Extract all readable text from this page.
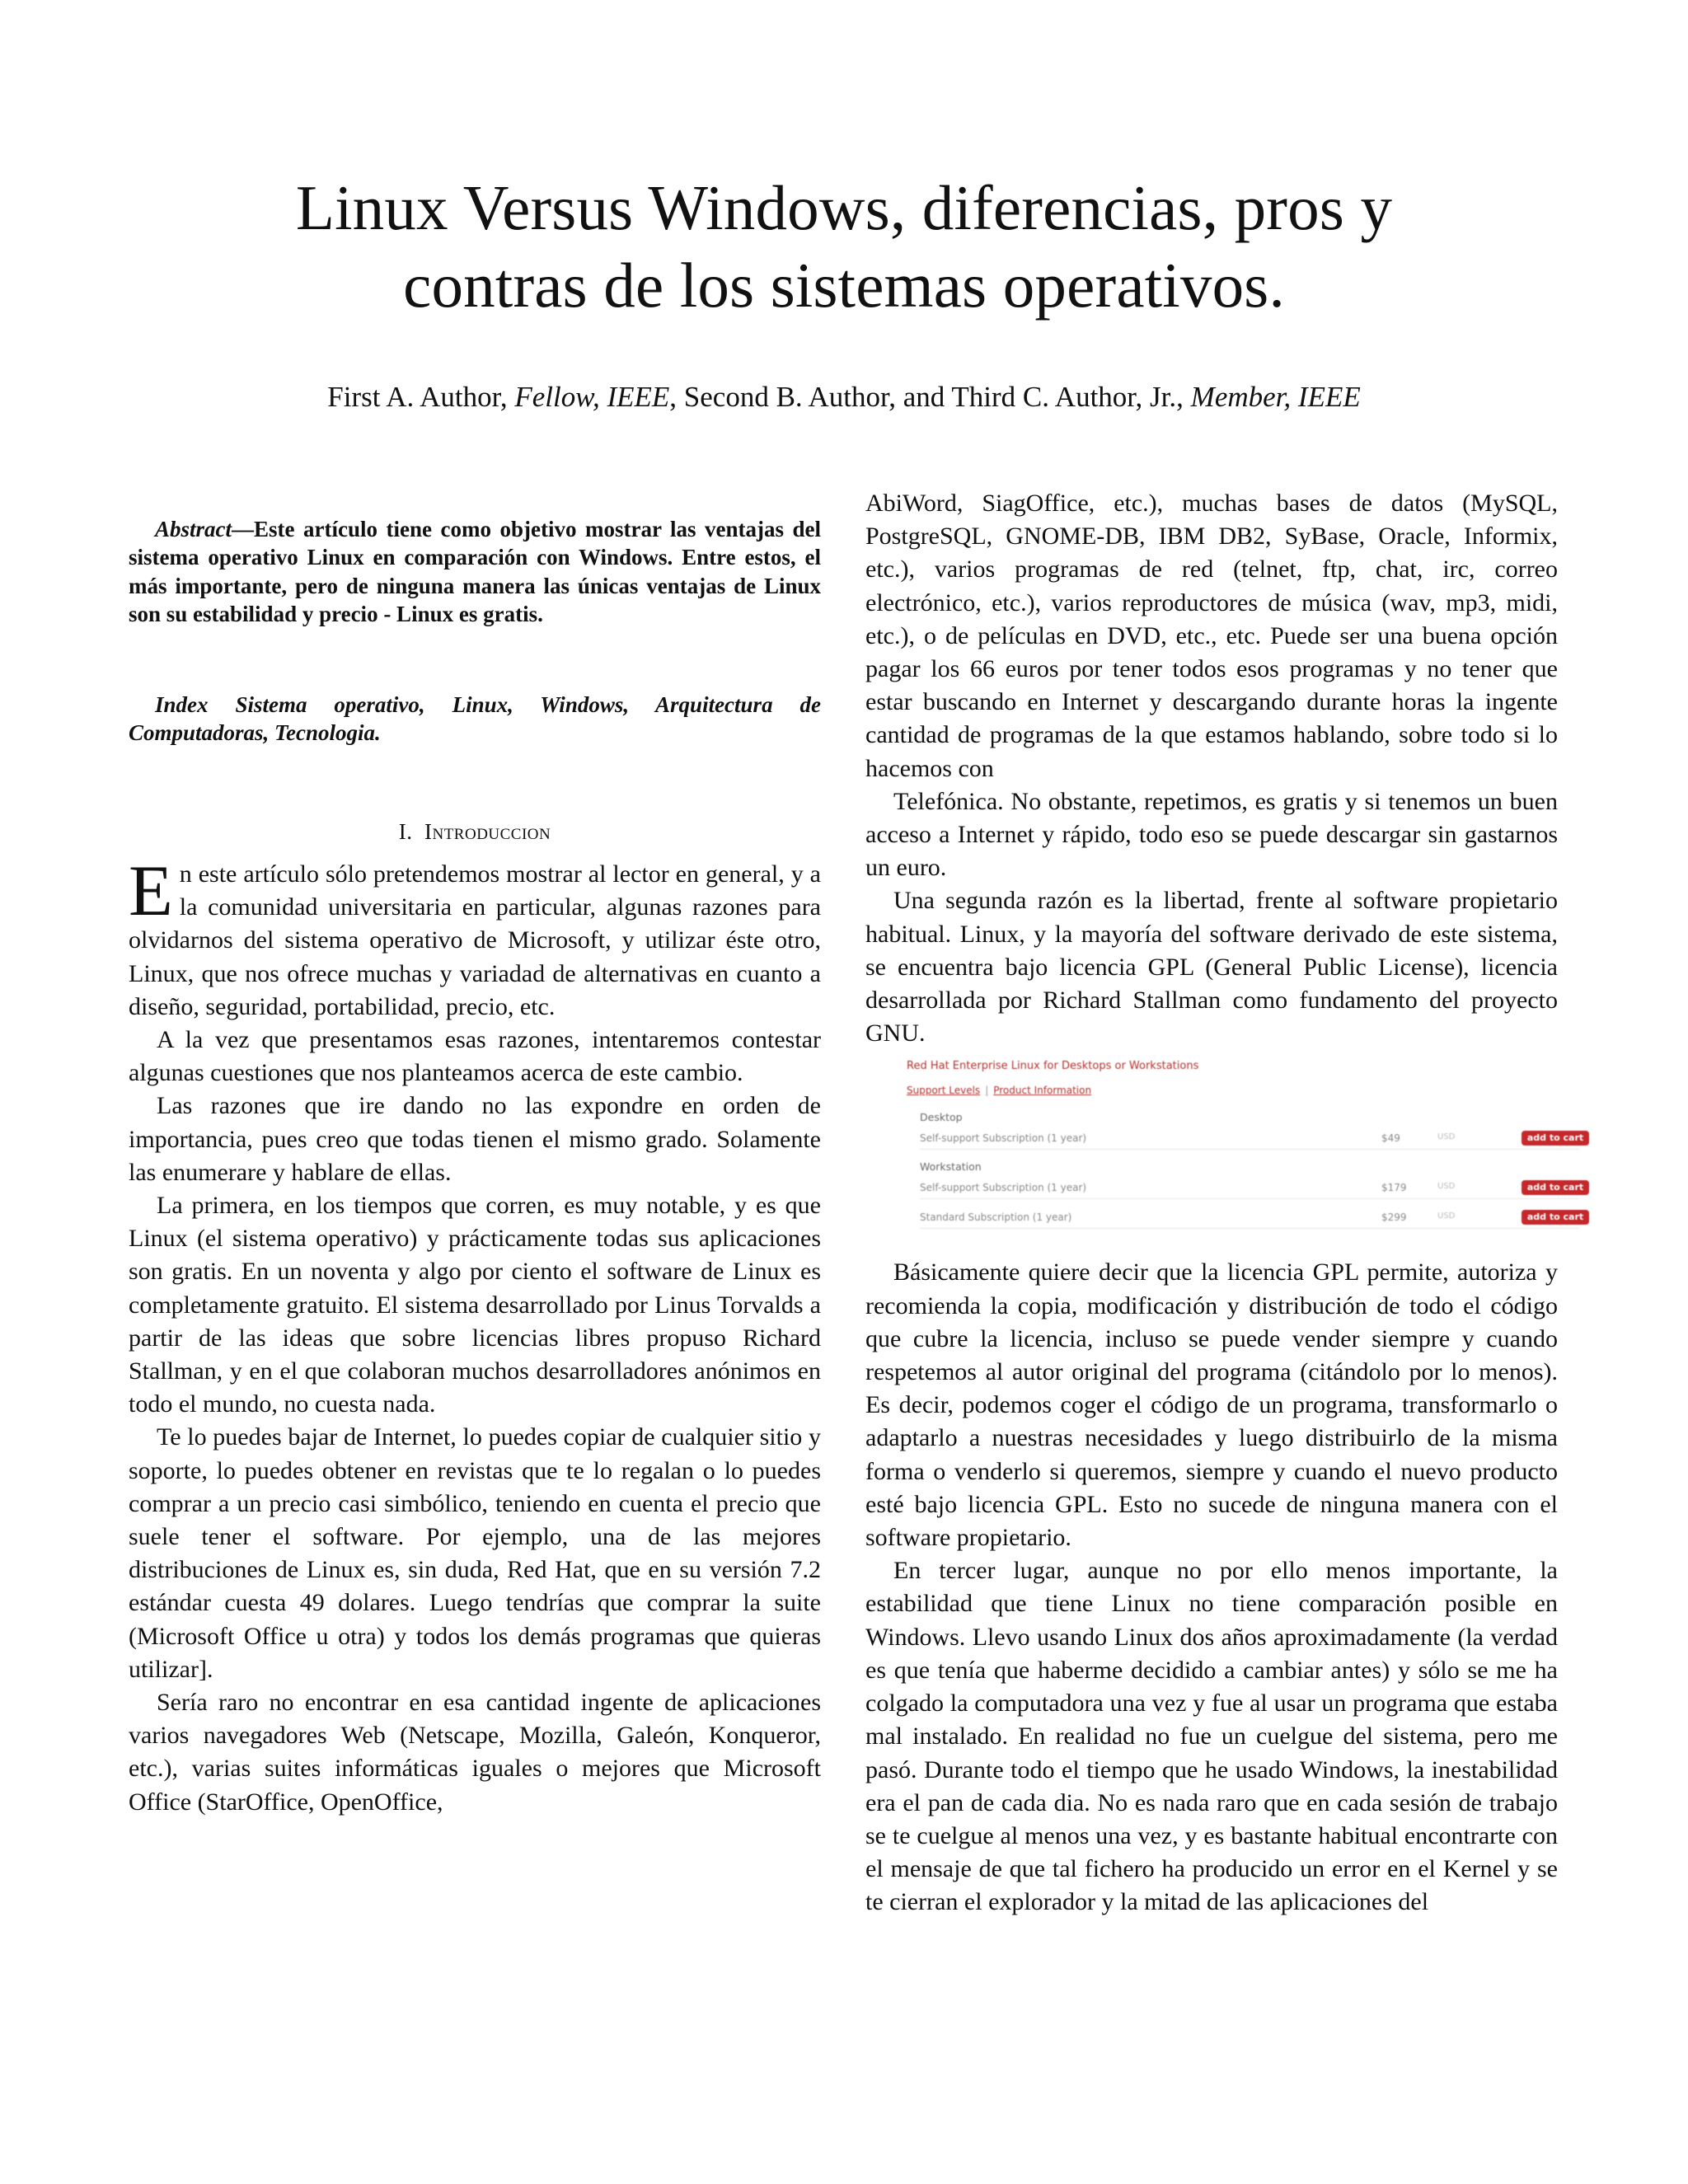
Linux Versus Windows, diferencias, pros y
contras de los sistemas operativos.
First A. Author, Fellow, IEEE, Second B. Author, and Third C. Author, Jr., Member, IEEE

Abstract—Este artículo tiene como objetivo mostrar las ventajas del sistema operativo Linux en comparación con Windows. Entre estos, el más importante, pero de ninguna manera las únicas ventajas de Linux son su estabilidad y precio - Linux es gratis.

Index Sistema operativo, Linux, Windows, Arquitectura de Computadoras, Tecnologia.

I. Introduccion

En este artículo sólo pretendemos mostrar al lector en general, y a la comunidad universitaria en particular, algunas razones para olvidarnos del sistema operativo de Microsoft, y utilizar éste otro, Linux, que nos ofrece muchas y variadad de alternativas en cuanto a diseño, seguridad, portabilidad, precio, etc.

A la vez que presentamos esas razones, intentaremos contestar algunas cuestiones que nos planteamos acerca de este cambio.

Las razones que ire dando no las expondre en orden de importancia, pues creo que todas tienen el mismo grado. Solamente las enumerare y hablare de ellas.

La primera, en los tiempos que corren, es muy notable, y es que Linux (el sistema operativo) y prácticamente todas sus aplicaciones son gratis. En un noventa y algo por ciento el software de Linux es completamente gratuito. El sistema desarrollado por Linus Torvalds a partir de las ideas que sobre licencias libres propuso Richard Stallman, y en el que colaboran muchos desarrolladores anónimos en todo el mundo, no cuesta nada.

Te lo puedes bajar de Internet, lo puedes copiar de cualquier sitio y soporte, lo puedes obtener en revistas que te lo regalan o lo puedes comprar a un precio casi simbólico, teniendo en cuenta el precio que suele tener el software. Por ejemplo, una de las mejores distribuciones de Linux es, sin duda, Red Hat, que en su versión 7.2 estándar cuesta 49 dolares. Luego tendrías que comprar la suite (Microsoft Office u otra) y todos los demás programas que quieras utilizar].

Sería raro no encontrar en esa cantidad ingente de aplicaciones varios navegadores Web (Netscape, Mozilla, Galeón, Konqueror, etc.), varias suites informáticas iguales o mejores que Microsoft Office (StarOffice, OpenOffice,

AbiWord, SiagOffice, etc.), muchas bases de datos (MySQL, PostgreSQL, GNOME-DB, IBM DB2, SyBase, Oracle, Informix, etc.), varios programas de red (telnet, ftp, chat, irc, correo electrónico, etc.), varios reproductores de música (wav, mp3, midi, etc.), o de películas en DVD, etc., etc. Puede ser una buena opción pagar los 66 euros por tener todos esos programas y no tener que estar buscando en Internet y descargando durante horas la ingente cantidad de programas de la que estamos hablando, sobre todo si lo hacemos con

Telefónica. No obstante, repetimos, es gratis y si tenemos un buen acceso a Internet y rápido, todo eso se puede descargar sin gastarnos un euro.

Una segunda razón es la libertad, frente al software propietario habitual. Linux, y la mayoría del software derivado de este sistema, se encuentra bajo licencia GPL (General Public License), licencia desarrollada por Richard Stallman como fundamento del proyecto GNU.

Básicamente quiere decir que la licencia GPL permite, autoriza y recomienda la copia, modificación y distribución de todo el código que cubre la licencia, incluso se puede vender siempre y cuando respetemos al autor original del programa (citándolo por lo menos). Es decir, podemos coger el código de un programa, transformarlo o adaptarlo a nuestras necesidades y luego distribuirlo de la misma forma o venderlo si queremos, siempre y cuando el nuevo producto esté bajo licencia GPL. Esto no sucede de ninguna manera con el software propietario.

En tercer lugar, aunque no por ello menos importante, la estabilidad que tiene Linux no tiene comparación posible en Windows. Llevo usando Linux dos años aproximadamente (la verdad es que tenía que haberme decidido a cambiar antes) y sólo se me ha colgado la computadora una vez y fue al usar un programa que estaba mal instalado. En realidad no fue un cuelgue del sistema, pero me pasó. Durante todo el tiempo que he usado Windows, la inestabilidad era el pan de cada dia. No es nada raro que en cada sesión de trabajo se te cuelgue al menos una vez, y es bastante habitual encontrarte con el mensaje de que tal fichero ha producido un error en el Kernel y se te cierran el explorador y la mitad de las aplicaciones del

Red Hat Enterprise Linux for Desktops or Workstations
Support Levels | Product Information
Desktop
Self-support Subscription (1 year)	$49	USD	add to cart
Workstation
Self-support Subscription (1 year)	$179	USD	add to cart
Standard Subscription (1 year)	$299	USD	add to cart
